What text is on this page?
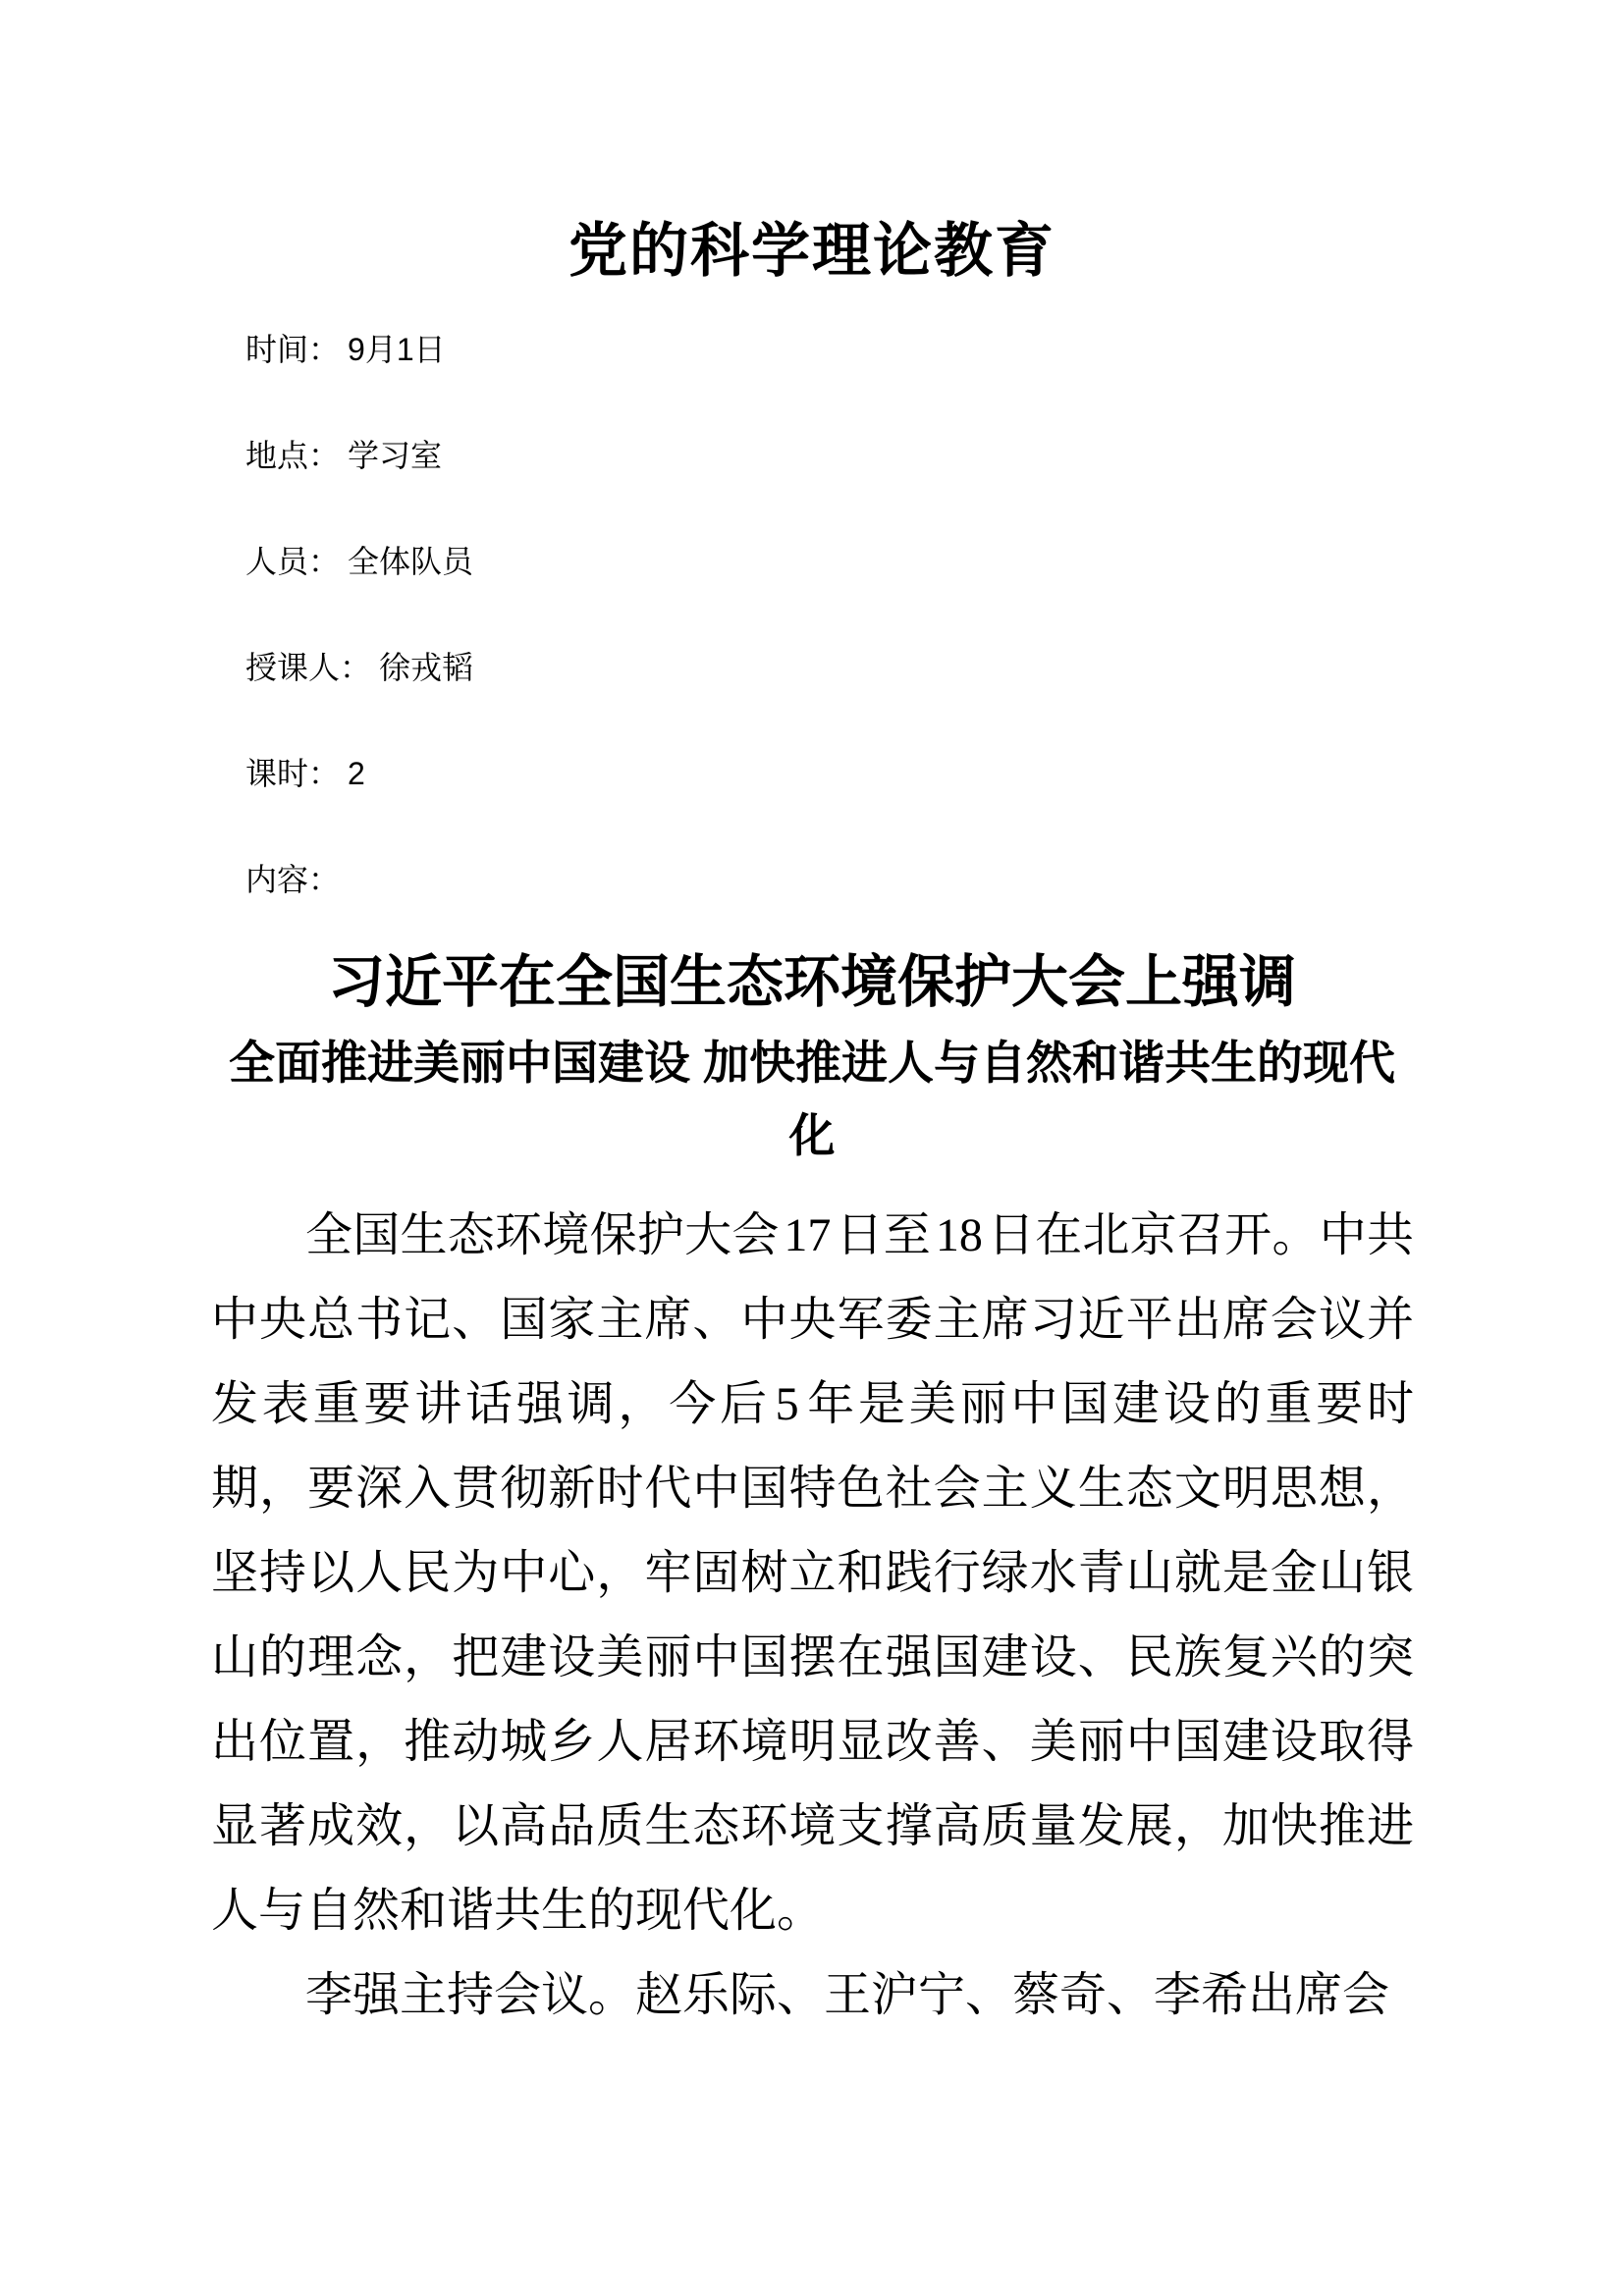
党的科学理论教育
时间： 9月1日
地点： 学习室
人员： 全体队员
授课人： 徐戎韬
课时： 2
内容：
习近平在全国生态环境保护大会上强调
全面推进美丽中国建设 加快推进人与自然和谐共生的现代化

全国生态环境保护大会17日至18日在北京召开。中共中央总书记、国家主席、中央军委主席习近平出席会议并发表重要讲话强调，今后5年是美丽中国建设的重要时期，要深入贯彻新时代中国特色社会主义生态文明思想，坚持以人民为中心，牢固树立和践行绿水青山就是金山银山的理念，把建设美丽中国摆在强国建设、民族复兴的突出位置，推动城乡人居环境明显改善、美丽中国建设取得显著成效，以高品质生态环境支撑高质量发展，加快推进人与自然和谐共生的现代化。

李强主持会议。赵乐际、王沪宁、蔡奇、李希出席会
